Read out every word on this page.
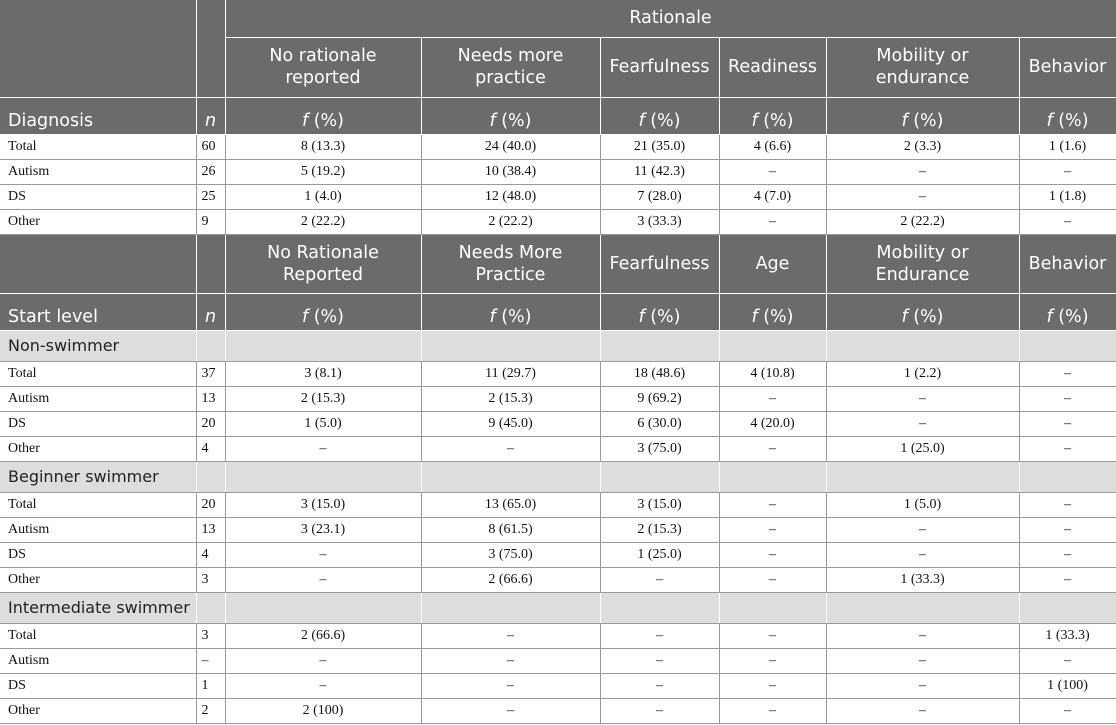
		Rationale					
		No rationale reported	Needs more practice	Fearfulness	Readiness	Mobility or endurance	Behavior
Diagnosis	n	f (%)	f (%)	f (%)	f (%)	f (%)	f (%)
Total	60	8 (13.3)	24 (40.0)	21 (35.0)	4 (6.6)	2 (3.3)	1 (1.6)
Autism	26	5 (19.2)	10 (38.4)	11 (42.3)	–	–	–
DS	25	1 (4.0)	12 (48.0)	7 (28.0)	4 (7.0)	–	1 (1.8)
Other	9	2 (22.2)	2 (22.2)	3 (33.3)	–	2 (22.2)	–
		No Rationale Reported	Needs More Practice	Fearfulness	Age	Mobility or Endurance	Behavior
Start level	n	f (%)	f (%)	f (%)	f (%)	f (%)	f (%)
Non-swimmer							
Total	37	3 (8.1)	11 (29.7)	18 (48.6)	4 (10.8)	1 (2.2)	–
Autism	13	2 (15.3)	2 (15.3)	9 (69.2)	–	–	–
DS	20	1 (5.0)	9 (45.0)	6 (30.0)	4 (20.0)	–	–
Other	4	–	–	3 (75.0)	–	1 (25.0)	–
Beginner swimmer							
Total	20	3 (15.0)	13 (65.0)	3 (15.0)	–	1 (5.0)	–
Autism	13	3 (23.1)	8 (61.5)	2 (15.3)	–	–	–
DS	4	–	3 (75.0)	1 (25.0)	–	–	–
Other	3	–	2 (66.6)	–	–	1 (33.3)	–
Intermediate swimmer							
Total	3	2 (66.6)	–	–	–	–	1 (33.3)
Autism	–	–	–	–	–	–	–
DS	1	–	–	–	–	–	1 (100)
Other	2	2 (100)	–	–	–	–	–
